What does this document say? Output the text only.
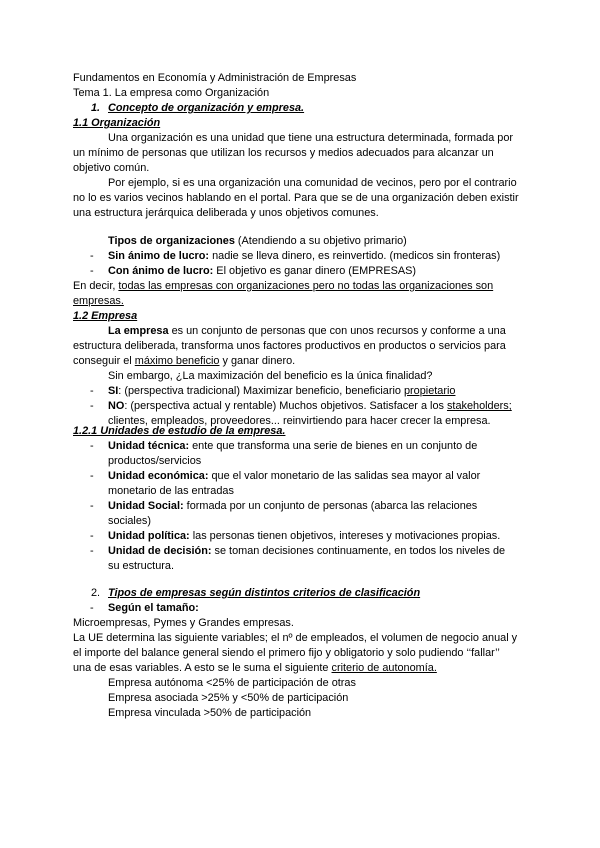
Fundamentos en Economía y Administración de Empresas
Tema 1. La empresa como Organización
1. Concepto de organización y empresa.
1.1 Organización
Una organización es una unidad que tiene una estructura determinada, formada por
un mínimo de personas que utilizan los recursos y medios adecuados para alcanzar un
objetivo común.
Por ejemplo, si es una organización una comunidad de vecinos, pero por el contrario
no lo es varios vecinos hablando en el portal. Para que se de una organización deben existir
una estructura jerárquica deliberada y unos objetivos comunes.
Tipos de organizaciones (Atendiendo a su objetivo primario)
- Sin ánimo de lucro: nadie se lleva dinero, es reinvertido. (medicos sin fronteras)
- Con ánimo de lucro: El objetivo es ganar dinero (EMPRESAS)
En decir, todas las empresas con organizaciones pero no todas las organizaciones son
empresas.
1.2 Empresa
La empresa es un conjunto de personas que con unos recursos y conforme a una
estructura deliberada, transforma unos factores productivos en productos o servicios para
conseguir el máximo beneficio y ganar dinero.
Sin embargo, ¿La maximización del beneficio es la única finalidad?
- SI: (perspectiva tradicional) Maximizar beneficio, beneficiario propietario
- NO: (perspectiva actual y rentable) Muchos objetivos. Satisfacer a los stakeholders;
clientes, empleados, proveedores... reinvirtiendo para hacer crecer la empresa.
1.2.1 Unidades de estudio de la empresa.
- Unidad técnica: ente que transforma una serie de bienes en un conjunto de
productos/servicios
- Unidad económica: que el valor monetario de las salidas sea mayor al valor
monetario de las entradas
- Unidad Social: formada por un conjunto de personas (abarca las relaciones
sociales)
- Unidad política: las personas tienen objetivos, intereses y motivaciones propias.
- Unidad de decisión: se toman decisiones continuamente, en todos los niveles de
su estructura.
2. Tipos de empresas según distintos criterios de clasificación
- Según el tamaño:
Microempresas, Pymes y Grandes empresas.
La UE determina las siguiente variables; el nº de empleados, el volumen de negocio anual y
el importe del balance general siendo el primero fijo y obligatorio y solo pudiendo ‘‘fallar’’
una de esas variables. A esto se le suma el siguiente criterio de autonomía.
Empresa autónoma <25% de participación de otras
Empresa asociada >25% y <50% de participación
Empresa vinculada >50% de participación
